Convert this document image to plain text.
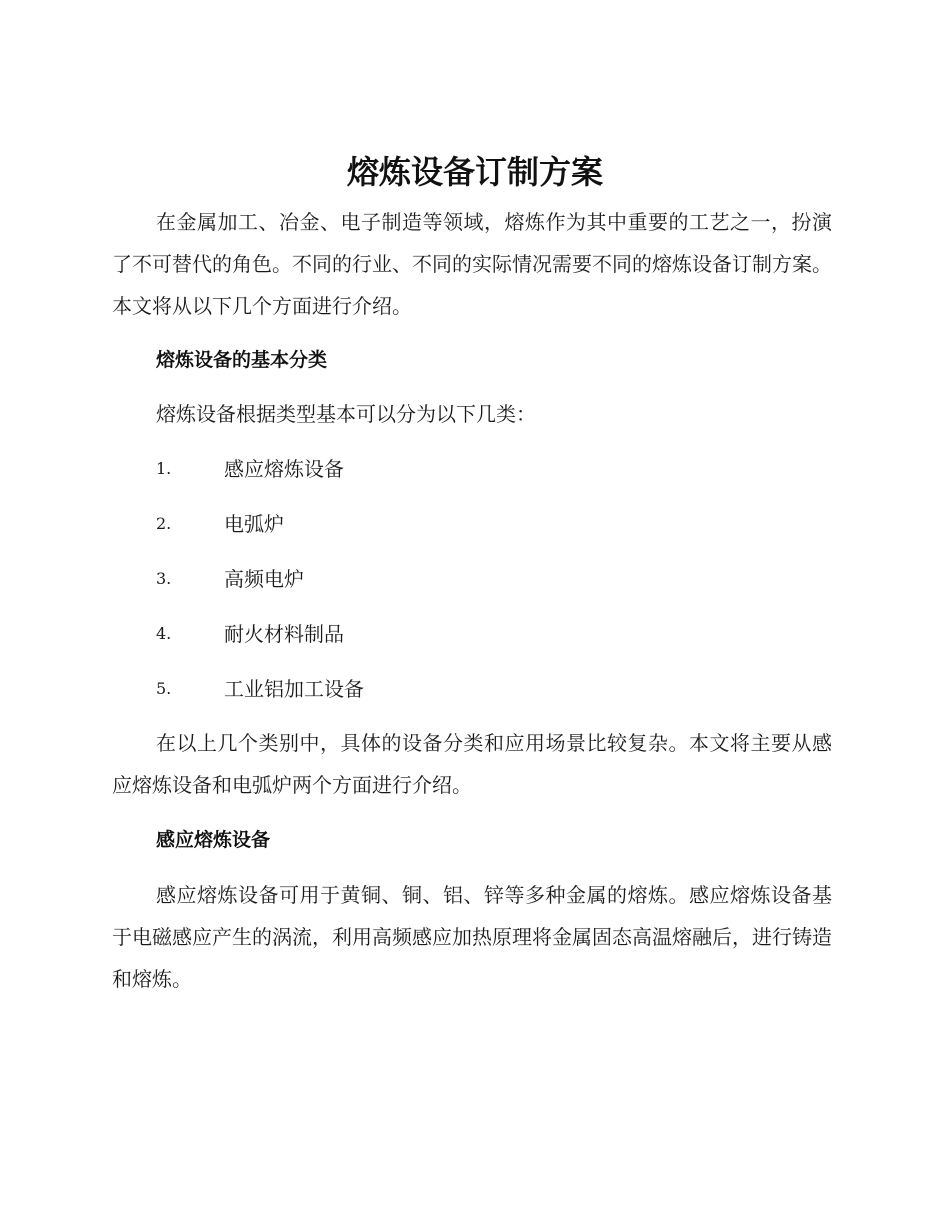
熔炼设备订制方案

在金属加工、冶金、电子制造等领域，熔炼作为其中重要的工艺之一，扮演了不可替代的角色。不同的行业、不同的实际情况需要不同的熔炼设备订制方案。本文将从以下几个方面进行介绍。

熔炼设备的基本分类

熔炼设备根据类型基本可以分为以下几类：

1.	感应熔炼设备
2.	电弧炉
3.	高频电炉
4.	耐火材料制品
5.	工业铝加工设备

在以上几个类别中，具体的设备分类和应用场景比较复杂。本文将主要从感应熔炼设备和电弧炉两个方面进行介绍。

感应熔炼设备

感应熔炼设备可用于黄铜、铜、铝、锌等多种金属的熔炼。感应熔炼设备基于电磁感应产生的涡流，利用高频感应加热原理将金属固态高温熔融后，进行铸造和熔炼。
